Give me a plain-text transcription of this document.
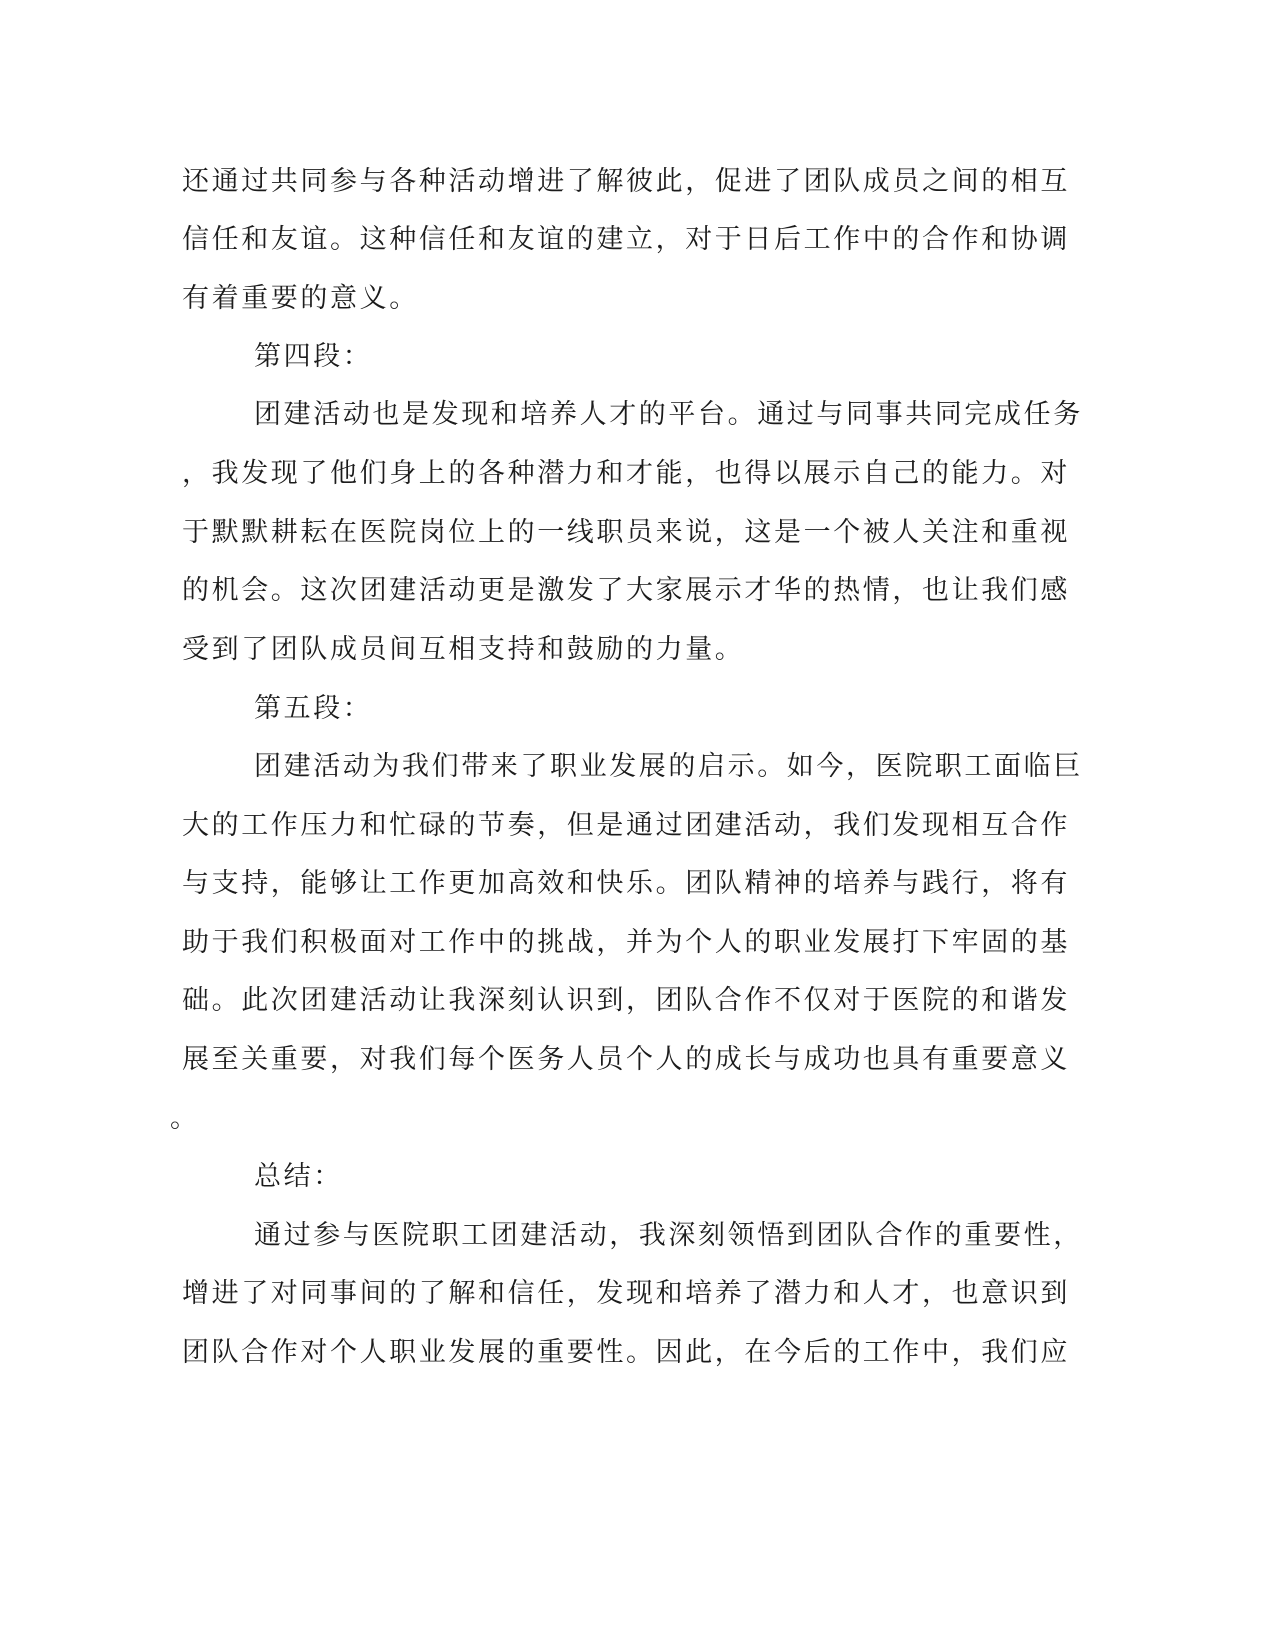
还通过共同参与各种活动增进了解彼此，促进了团队成员之间的相互
信任和友谊。这种信任和友谊的建立，对于日后工作中的合作和协调
有着重要的意义。
第四段：
团建活动也是发现和培养人才的平台。通过与同事共同完成任务
，我发现了他们身上的各种潜力和才能，也得以展示自己的能力。对
于默默耕耘在医院岗位上的一线职员来说，这是一个被人关注和重视
的机会。这次团建活动更是激发了大家展示才华的热情，也让我们感
受到了团队成员间互相支持和鼓励的力量。
第五段：
团建活动为我们带来了职业发展的启示。如今，医院职工面临巨
大的工作压力和忙碌的节奏，但是通过团建活动，我们发现相互合作
与支持，能够让工作更加高效和快乐。团队精神的培养与践行，将有
助于我们积极面对工作中的挑战，并为个人的职业发展打下牢固的基
础。此次团建活动让我深刻认识到，团队合作不仅对于医院的和谐发
展至关重要，对我们每个医务人员个人的成长与成功也具有重要意义
。
总结：
通过参与医院职工团建活动，我深刻领悟到团队合作的重要性，
增进了对同事间的了解和信任，发现和培养了潜力和人才，也意识到
团队合作对个人职业发展的重要性。因此，在今后的工作中，我们应
